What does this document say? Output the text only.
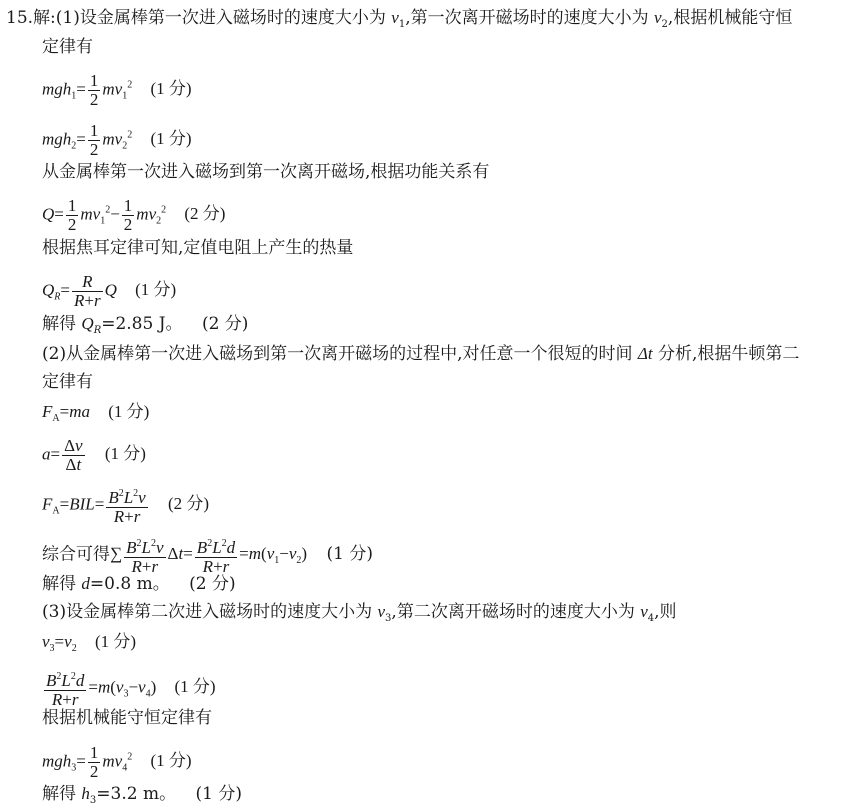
15.解:(1)设金属棒第一次进入磁场时的速度大小为 $v_1$,第一次离开磁场时的速度大小为 $v_2$,根据机械能守恒
定律有
$mgh_1= \frac{1}{2} mv_1^2$ (1 分)
$mgh_2= \frac{1}{2} mv_2^2$ (1 分)
从金属棒第一次进入磁场到第一次离开磁场,根据功能关系有
$Q= \frac{1}{2} mv_1^2- \frac{1}{2} mv_2^2$ (2 分)
根据焦耳定律可知,定值电阻上产生的热量
$Q_R= \frac{R}{R+r}$ Q (1 分)
解得 $Q_R=2.85$ J。 (2 分)
(2)从金属棒第一次进入磁场到第一次离开磁场的过程中,对任意一个很短的时间 Δt 分析,根据牛顿第二
定律有
$F_A=ma$ (1 分)
$a= \frac{\Delta v}{\Delta t} (1$ 分)
$F_A=BIL= \frac{B^2L^2v}{R+r} (2$ 分)
综合可得∑ $\frac{B^2L^2v}{R+r} \Delta t= \frac{B^2L^2d}{R+r} =m(v_1-v_2)$ (1 分)
解得 d=0.8 m。 (2 分)
(3)设金属棒第二次进入磁场时的速度大小为 $v_3$,第二次离开磁场时的速度大小为 $v_4$,则
$v_3=v_2$ (1 分)
$\frac{B^2L^2d}{R+r} =m(v_3-v_4)$ (1 分)
根据机械能守恒定律有
$mgh_3= \frac{1}{2} mv_4^2$ (1 分)
解得 $h_3=3.2$ m。 (1 分)
